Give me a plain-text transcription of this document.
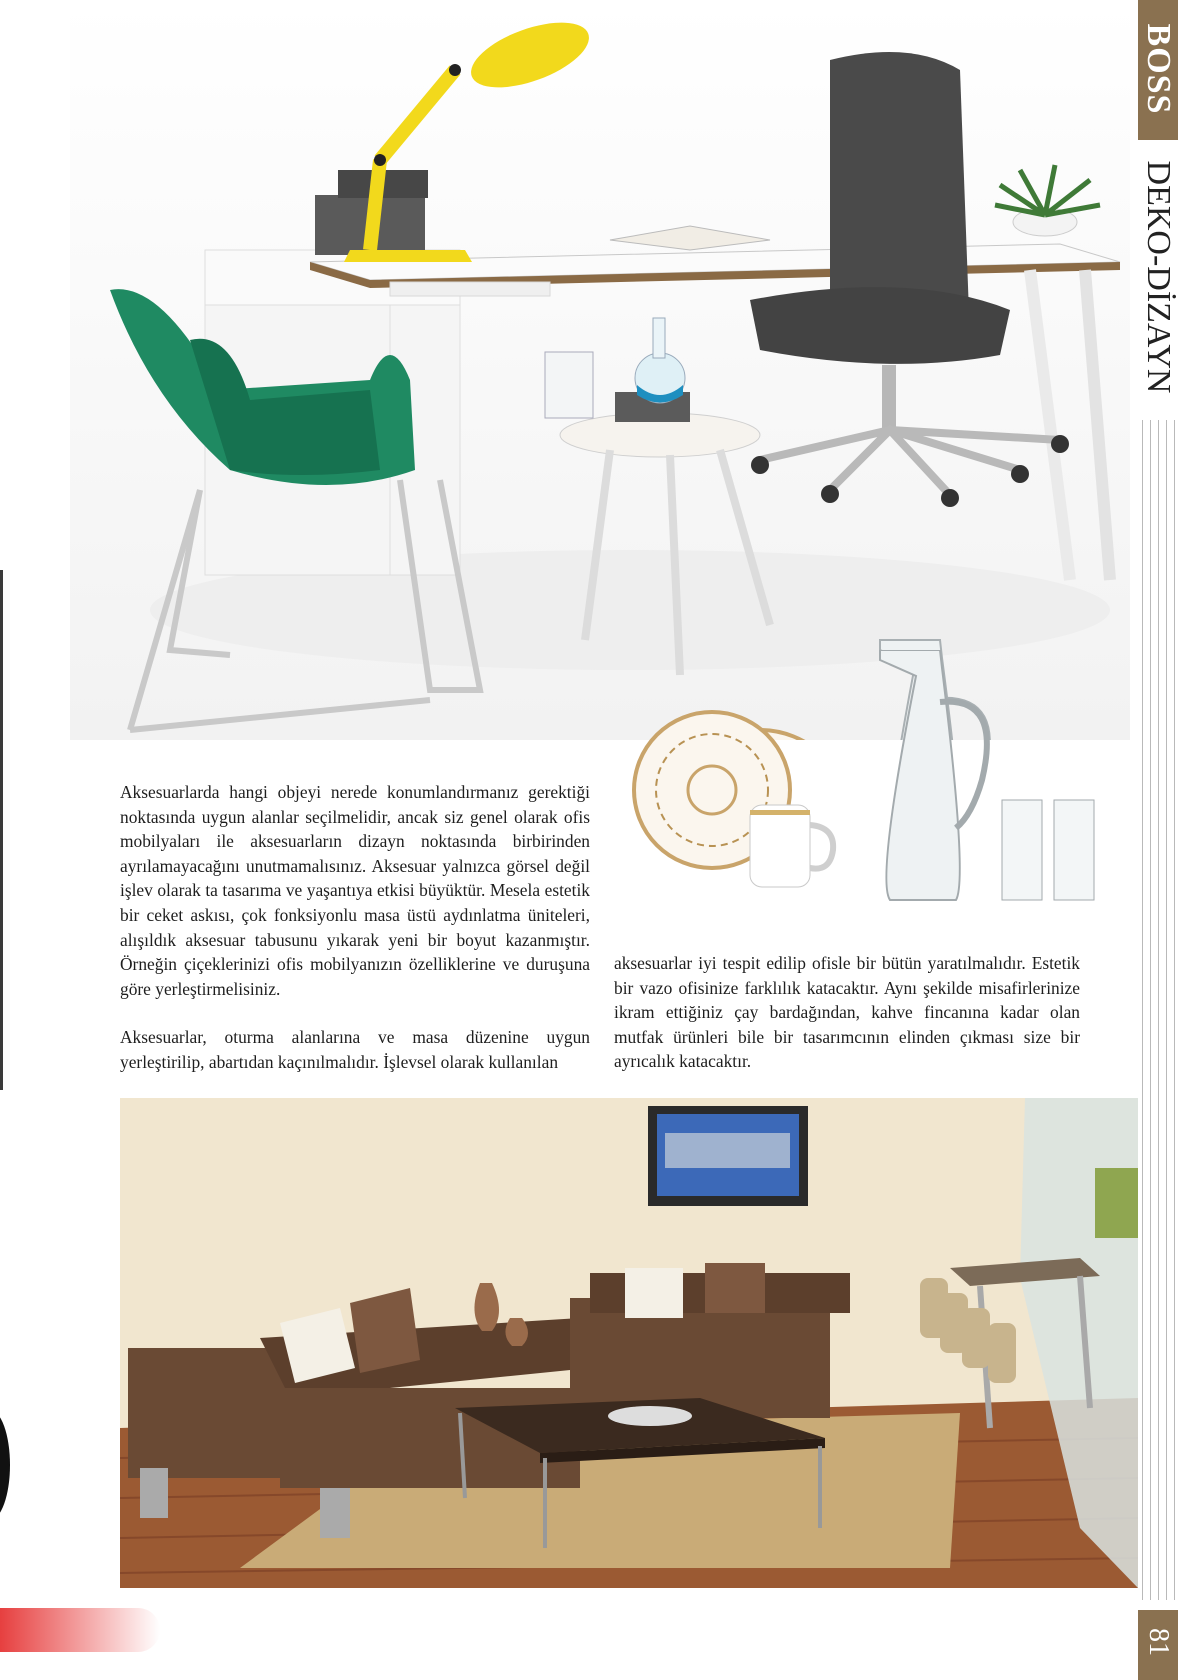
BOSS
DEKO-DİZAYN
81

Aksesuarlarda hangi objeyi nerede konumlandırmanız gerektiği noktasında uygun alanlar seçilmelidir, ancak siz genel olarak ofis mobilyaları ile aksesuarların dizayn noktasında birbirinden ayrılamayacağını unutmamalısınız. Aksesuar yalnızca görsel değil işlev olarak ta tasarıma ve yaşantıya etkisi büyüktür. Mesela estetik bir ceket askısı, çok fonksiyonlu masa üstü aydınlatma üniteleri, alışıldık aksesuar tabusunu yıkarak yeni bir boyut kazanmıştır. Örneğin çiçeklerinizi ofis mobilyanızın özelliklerine ve duruşuna göre yerleştirmelisiniz.

Aksesuarlar, oturma alanlarına ve masa düzenine uygun yerleştirilip, abartıdan kaçınılmalıdır. İşlevsel olarak kullanılan

aksesuarlar iyi tespit edilip ofisle bir bütün yaratılmalıdır. Estetik bir vazo ofisinize farklılık katacaktır. Aynı şekilde misafirlerinize ikram ettiğiniz çay bardağından, kahve fincanına kadar olan mutfak ürünleri bile bir tasarımcının elinden çıkması size bir ayrıcalık katacaktır.
